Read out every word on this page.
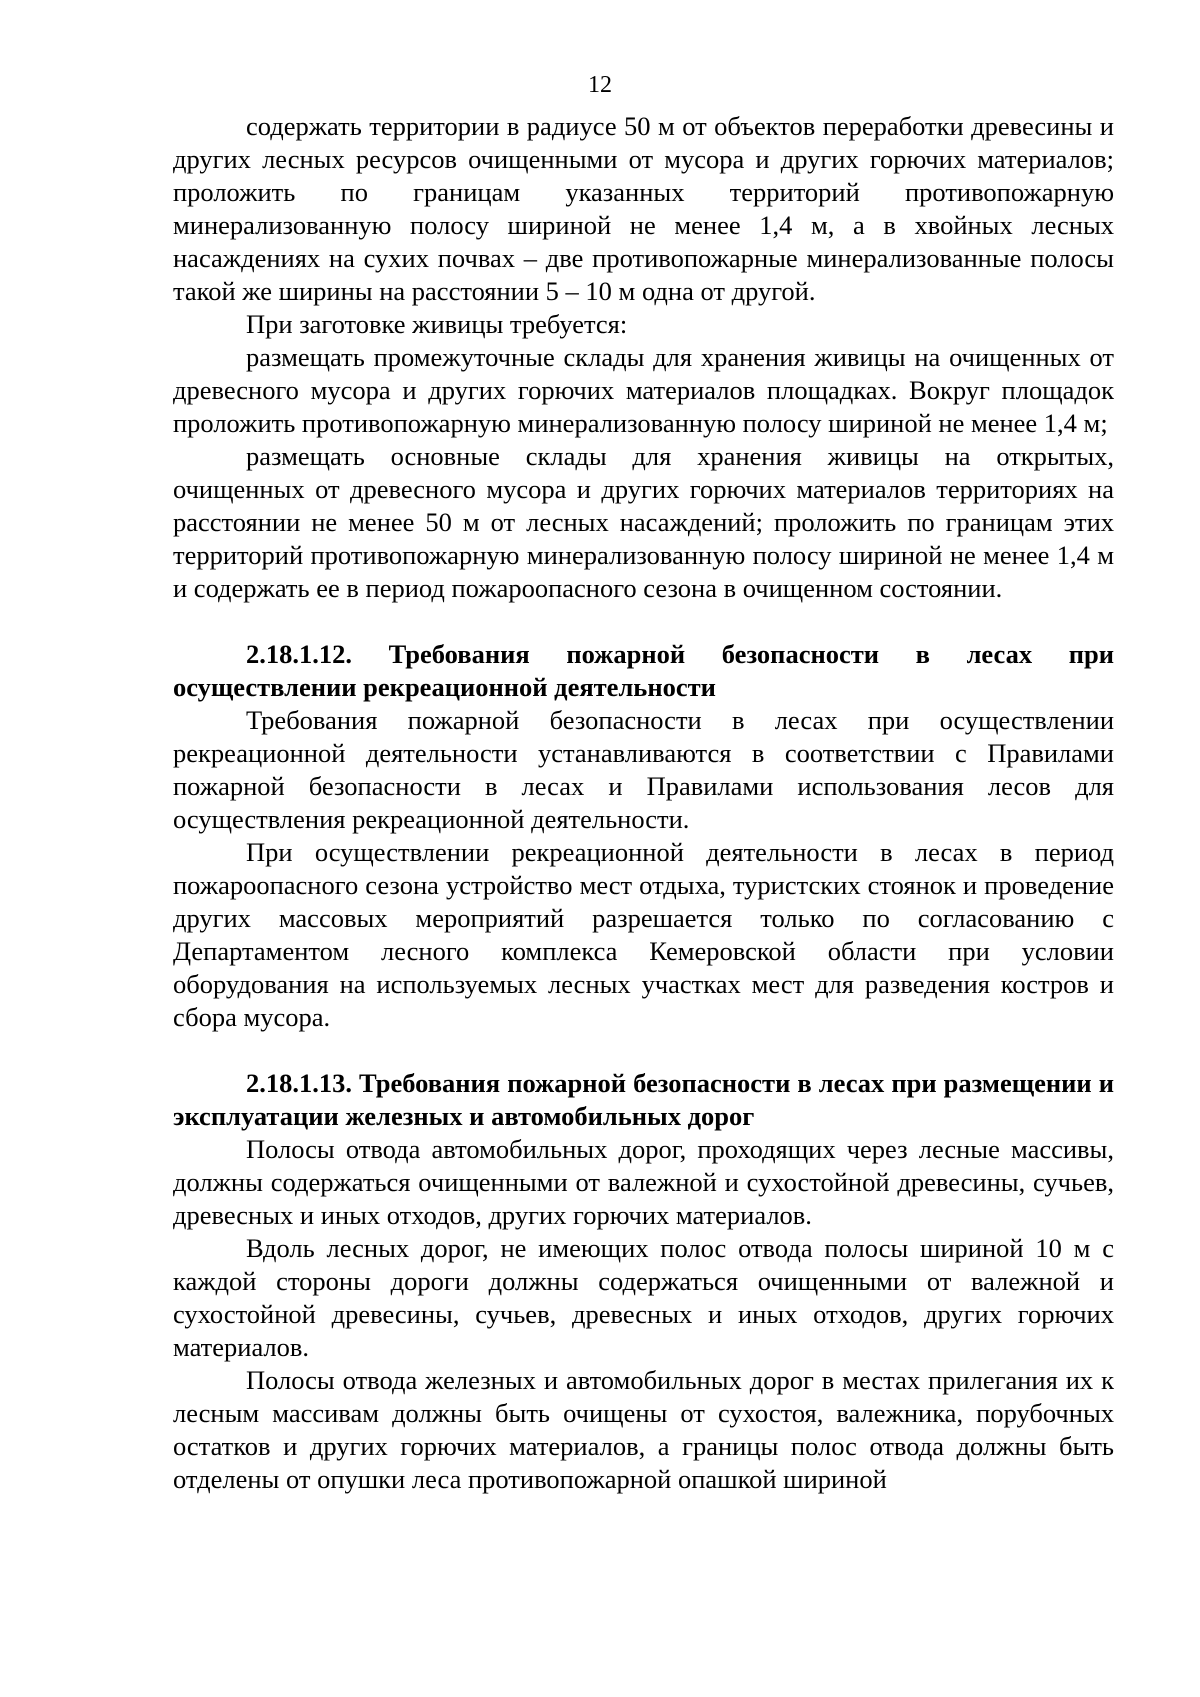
12

содержать территории в радиусе 50 м от объектов переработки древесины и других лесных ресурсов очищенными от мусора и других горючих материалов; проложить по границам указанных территорий противопожарную минерализованную полосу шириной не менее 1,4 м, а в хвойных лесных насаждениях на сухих почвах – две противопожарные минерализованные полосы такой же ширины на расстоянии 5 – 10 м одна от другой.

При заготовке живицы требуется:

размещать промежуточные склады для хранения живицы на очищенных от древесного мусора и других горючих материалов площадках. Вокруг площадок проложить противопожарную минерализованную полосу шириной не менее 1,4 м;

размещать основные склады для хранения живицы на открытых, очищенных от древесного мусора и других горючих материалов территориях на расстоянии не менее 50 м от лесных насаждений; проложить по границам этих территорий противопожарную минерализованную полосу шириной не менее 1,4 м и содержать ее в период пожароопасного сезона в очищенном состоянии.

2.18.1.12. Требования пожарной безопасности в лесах при осуществлении рекреационной деятельности

Требования пожарной безопасности в лесах при осуществлении рекреационной деятельности устанавливаются в соответствии с Правилами пожарной безопасности в лесах и Правилами использования лесов для осуществления рекреационной деятельности.

При осуществлении рекреационной деятельности в лесах в период пожароопасного сезона устройство мест отдыха, туристских стоянок и проведение других массовых мероприятий разрешается только по согласованию с Департаментом лесного комплекса Кемеровской области при условии оборудования на используемых лесных участках мест для разведения костров и сбора мусора.

2.18.1.13. Требования пожарной безопасности в лесах при размещении и эксплуатации железных и автомобильных дорог

Полосы отвода автомобильных дорог, проходящих через лесные массивы, должны содержаться очищенными от валежной и сухостойной древесины, сучьев, древесных и иных отходов, других горючих материалов.

Вдоль лесных дорог, не имеющих полос отвода полосы шириной 10 м с каждой стороны дороги должны содержаться очищенными от валежной и сухостойной древесины, сучьев, древесных и иных отходов, других горючих материалов.

Полосы отвода железных и автомобильных дорог в местах прилегания их к лесным массивам должны быть очищены от сухостоя, валежника, порубочных остатков и других горючих материалов, а границы полос отвода должны быть отделены от опушки леса противопожарной опашкой шириной
